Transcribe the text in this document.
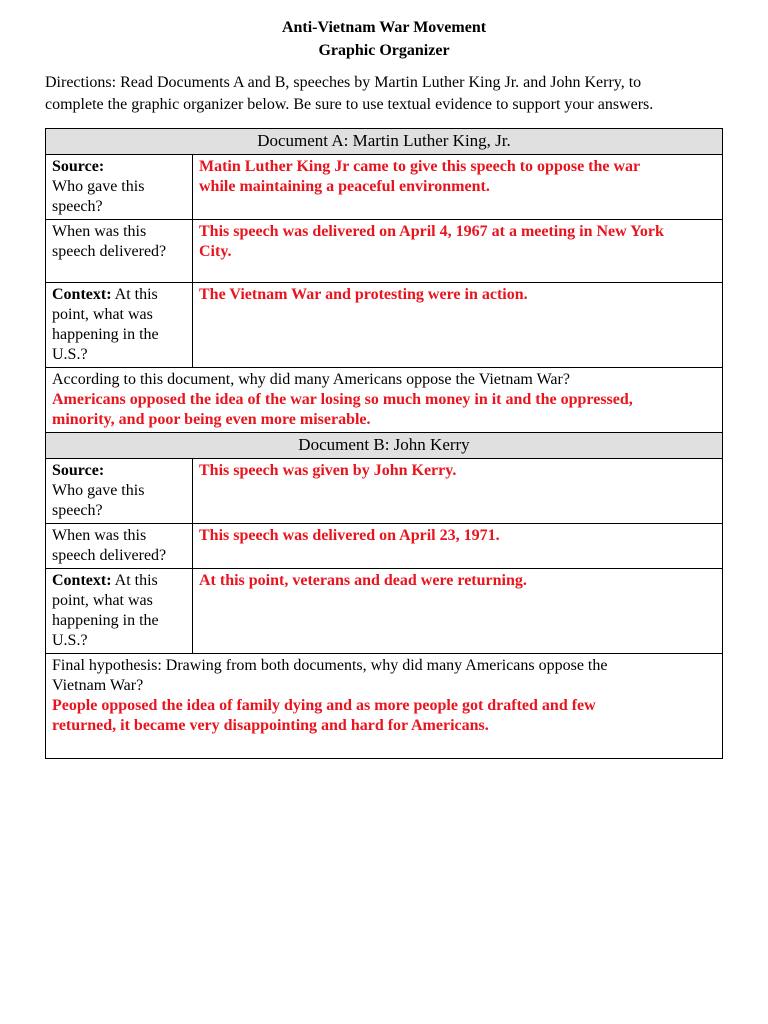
Anti-Vietnam War Movement
Graphic Organizer
Directions: Read Documents A and B, speeches by Martin Luther King Jr. and John Kerry, to
complete the graphic organizer below. Be sure to use textual evidence to support your answers.
Document A: Martin Luther King, Jr.	

Source:
Who gave this
speech?	Matin Luther King Jr came to give this speech to oppose the war
while maintaining a peaceful environment.

When was this
speech delivered?	This speech was delivered on April 4, 1967 at a meeting in New York
City.

Context: At this
point, what was
happening in the
U.S.?	The Vietnam War and protesting were in action.

According to this document, why did many Americans oppose the Vietnam War?
Americans opposed the idea of the war losing so much money in it and the oppressed,
minority, and poor being even more miserable.	

Document B: John Kerry	

Source:
Who gave this
speech?	This speech was given by John Kerry.

When was this
speech delivered?	This speech was delivered on April 23, 1971.

Context: At this
point, what was
happening in the
U.S.?	At this point, veterans and dead were returning.

Final hypothesis: Drawing from both documents, why did many Americans oppose the
Vietnam War?
People opposed the idea of family dying and as more people got drafted and few
returned, it became very disappointing and hard for Americans.	
